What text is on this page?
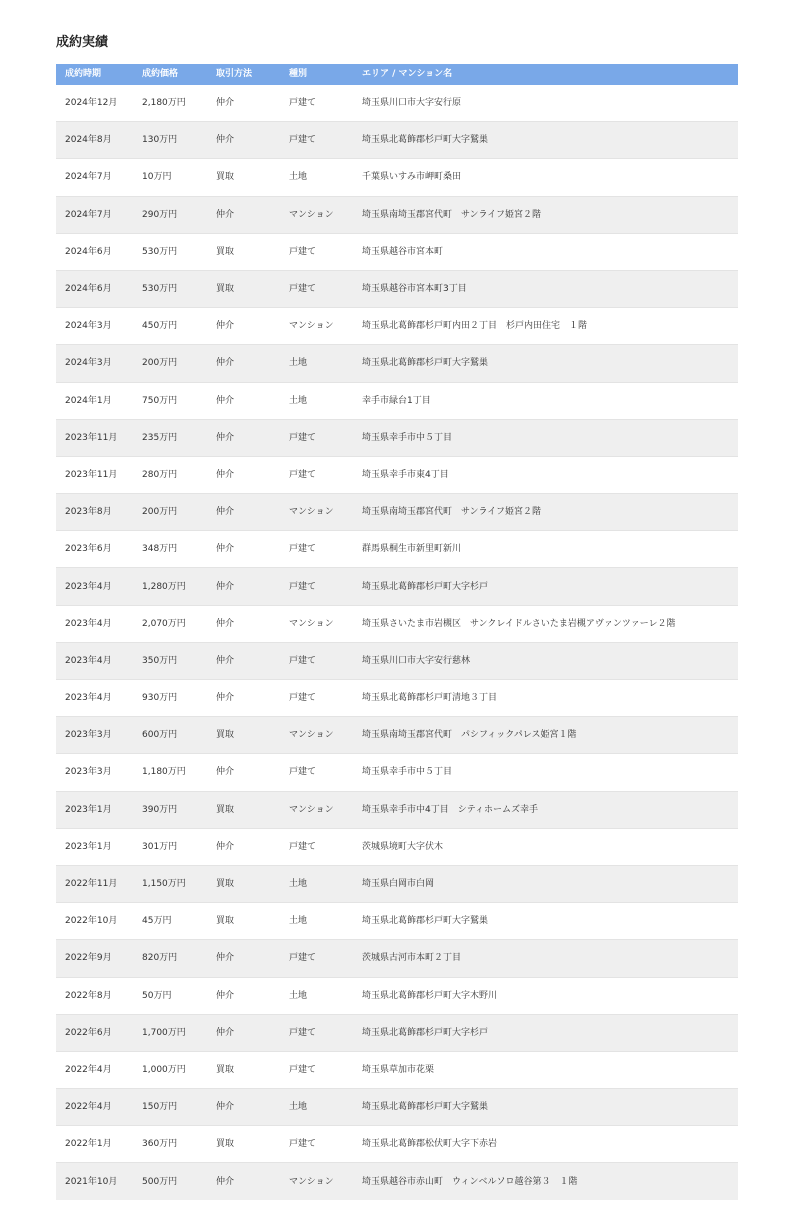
成約実績
成約時期	成約価格	取引方法	種別	エリア / マンション名
2024年12月	2,180万円	仲介	戸建て	埼玉県川口市大字安行原
2024年8月	130万円	仲介	戸建て	埼玉県北葛飾郡杉戸町大字鷲巣
2024年7月	10万円	買取	土地	千葉県いすみ市岬町桑田
2024年7月	290万円	仲介	マンション	埼玉県南埼玉郡宮代町　サンライフ姫宮２階
2024年6月	530万円	買取	戸建て	埼玉県越谷市宮本町
2024年6月	530万円	買取	戸建て	埼玉県越谷市宮本町3丁目
2024年3月	450万円	仲介	マンション	埼玉県北葛飾郡杉戸町内田２丁目　杉戸内田住宅　１階
2024年3月	200万円	仲介	土地	埼玉県北葛飾郡杉戸町大字鷲巣
2024年1月	750万円	仲介	土地	幸手市緑台1丁目
2023年11月	235万円	仲介	戸建て	埼玉県幸手市中５丁目
2023年11月	280万円	仲介	戸建て	埼玉県幸手市東4丁目
2023年8月	200万円	仲介	マンション	埼玉県南埼玉郡宮代町　サンライフ姫宮２階
2023年6月	348万円	仲介	戸建て	群馬県桐生市新里町新川
2023年4月	1,280万円	仲介	戸建て	埼玉県北葛飾郡杉戸町大字杉戸
2023年4月	2,070万円	仲介	マンション	埼玉県さいたま市岩槻区　サンクレイドルさいたま岩槻アヴァンツァーレ２階
2023年4月	350万円	仲介	戸建て	埼玉県川口市大字安行慈林
2023年4月	930万円	仲介	戸建て	埼玉県北葛飾郡杉戸町清地３丁目
2023年3月	600万円	買取	マンション	埼玉県南埼玉郡宮代町　パシフィックパレス姫宮１階
2023年3月	1,180万円	仲介	戸建て	埼玉県幸手市中５丁目
2023年1月	390万円	買取	マンション	埼玉県幸手市中4丁目　シティホームズ幸手
2023年1月	301万円	仲介	戸建て	茨城県境町大字伏木
2022年11月	1,150万円	買取	土地	埼玉県白岡市白岡
2022年10月	45万円	買取	土地	埼玉県北葛飾郡杉戸町大字鷲巣
2022年9月	820万円	仲介	戸建て	茨城県古河市本町２丁目
2022年8月	50万円	仲介	土地	埼玉県北葛飾郡杉戸町大字木野川
2022年6月	1,700万円	仲介	戸建て	埼玉県北葛飾郡杉戸町大字杉戸
2022年4月	1,000万円	買取	戸建て	埼玉県草加市花栗
2022年4月	150万円	仲介	土地	埼玉県北葛飾郡杉戸町大字鷲巣
2022年1月	360万円	買取	戸建て	埼玉県北葛飾郡松伏町大字下赤岩
2021年10月	500万円	仲介	マンション	埼玉県越谷市赤山町　ウィンベルソロ越谷第３　１階
